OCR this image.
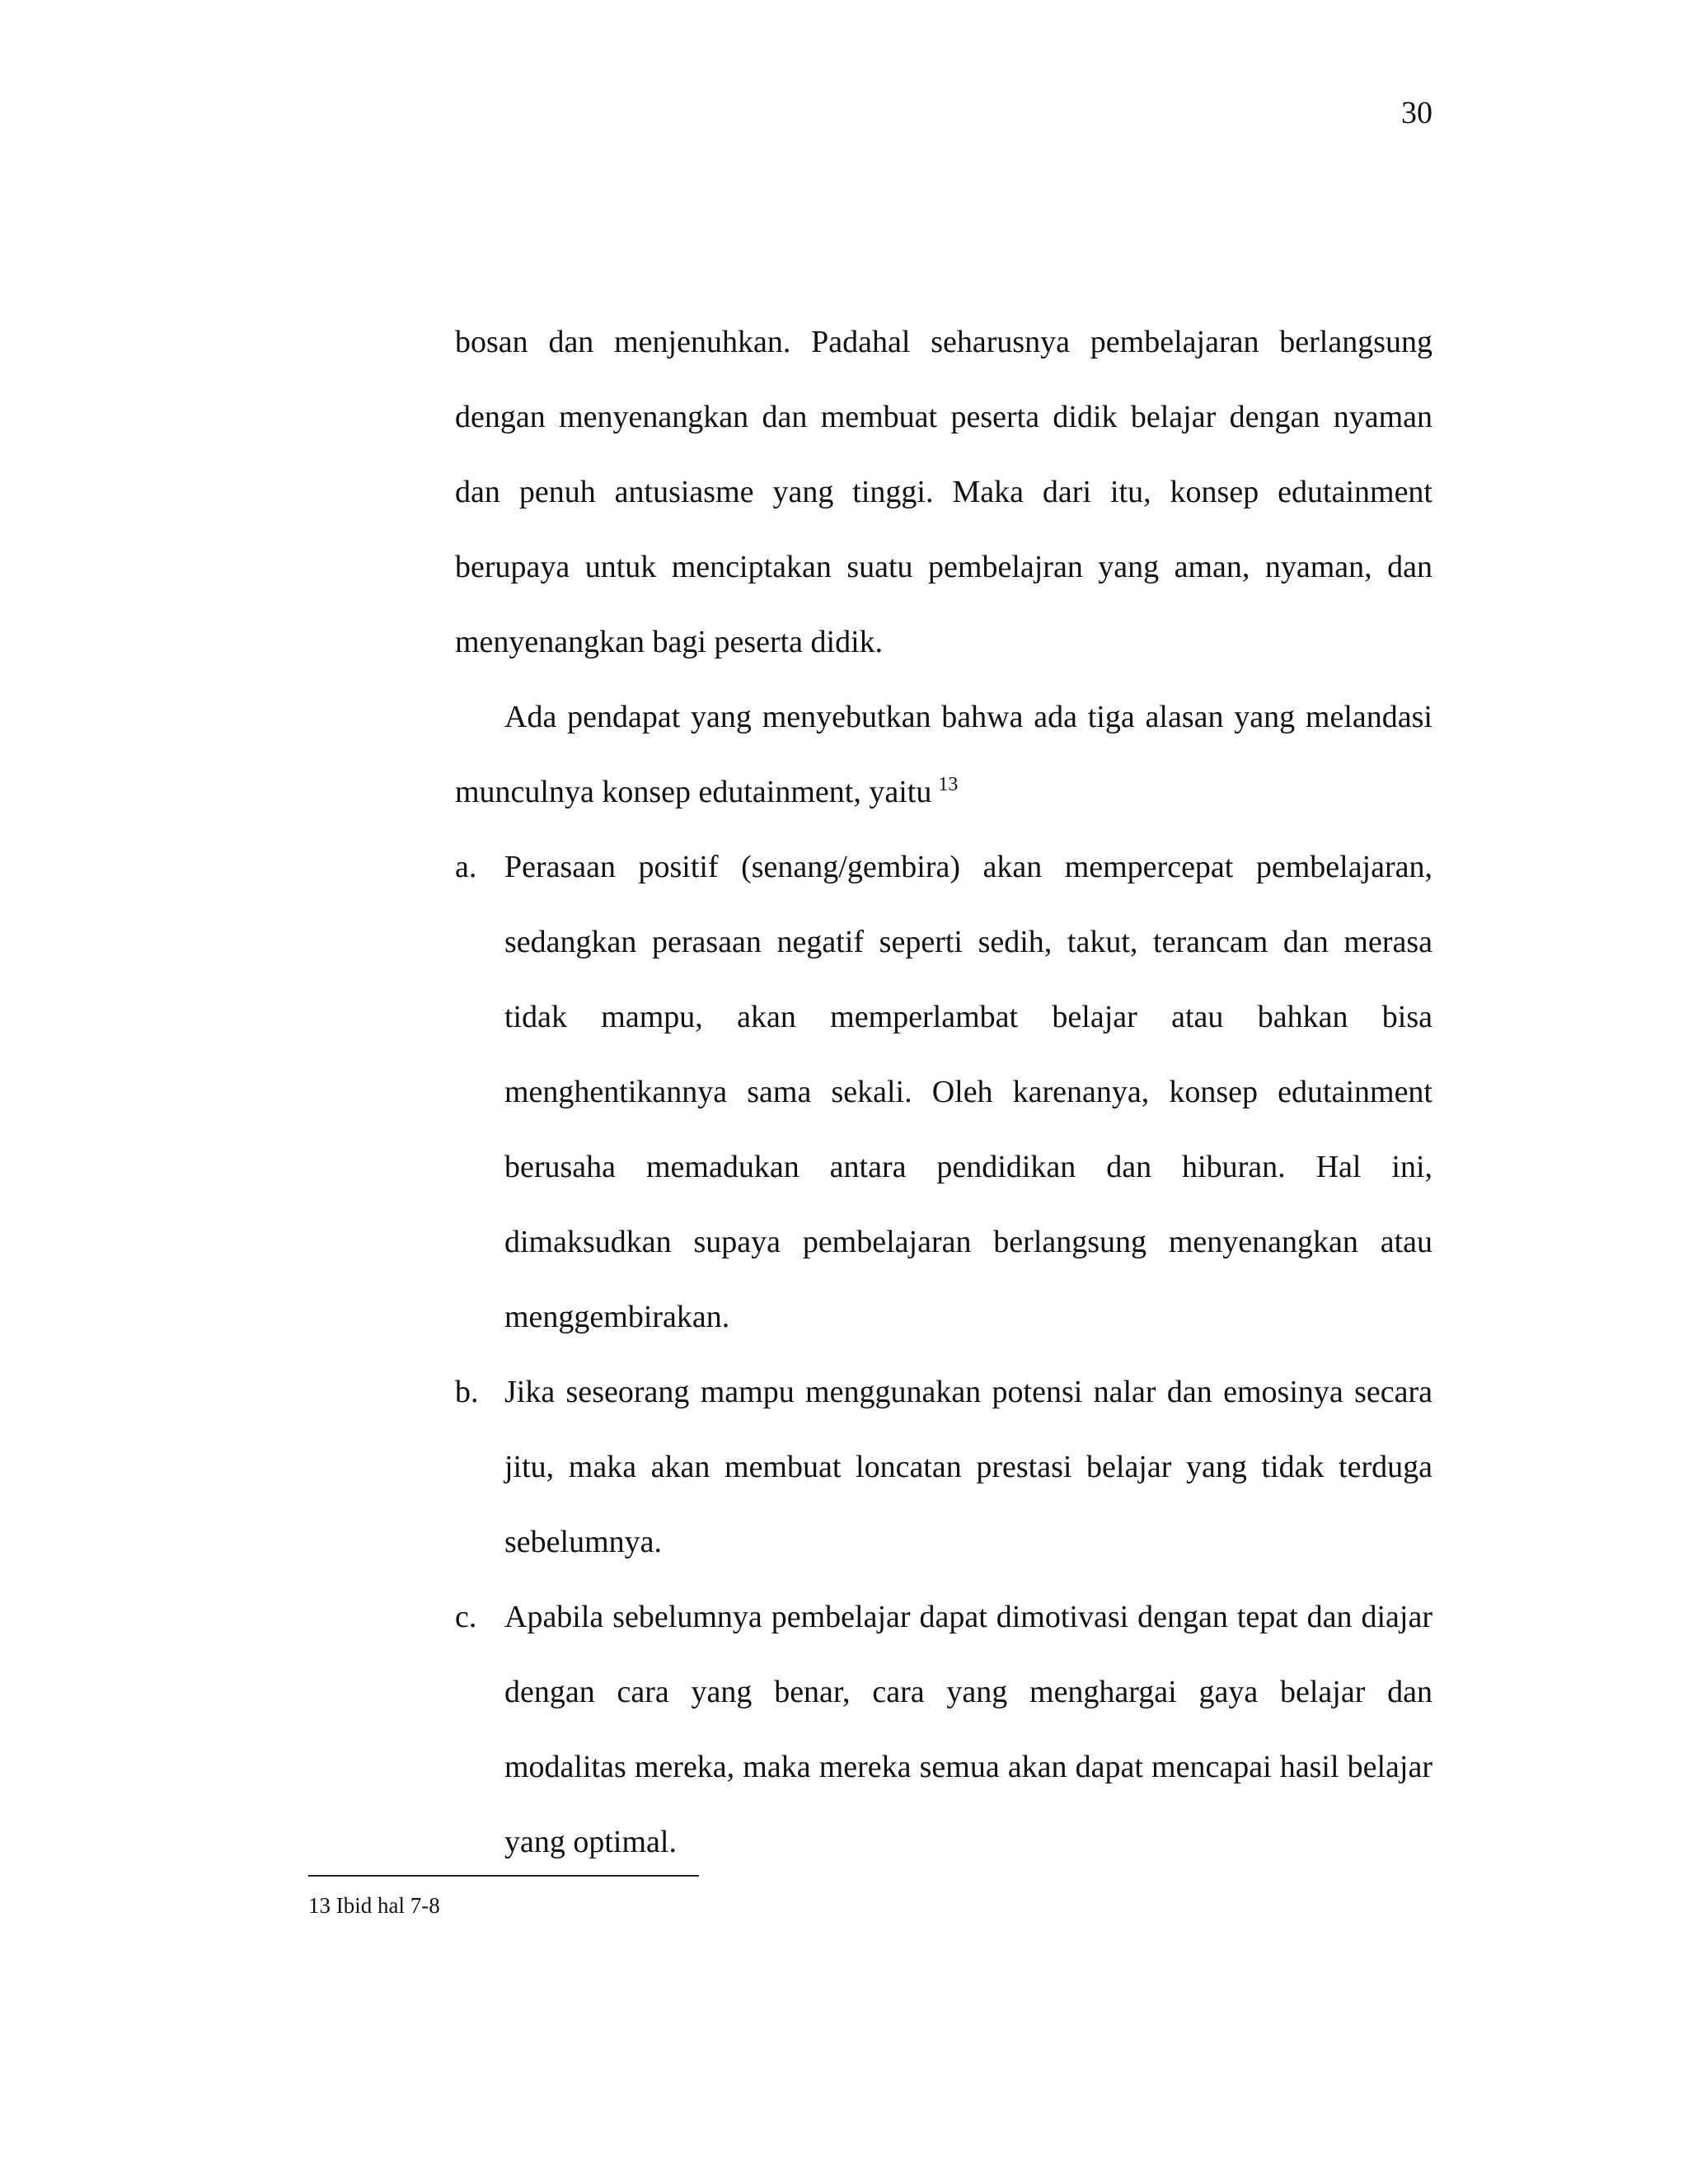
30

bosan dan menjenuhkan. Padahal seharusnya pembelajaran berlangsung dengan menyenangkan dan membuat peserta didik belajar dengan nyaman dan penuh antusiasme yang tinggi. Maka dari itu, konsep edutainment berupaya untuk menciptakan suatu pembelajran yang aman, nyaman, dan menyenangkan bagi peserta didik.

Ada pendapat yang menyebutkan bahwa ada tiga alasan yang melandasi munculnya konsep edutainment, yaitu $^{13}$

a. Perasaan positif (senang/gembira) akan mempercepat pembelajaran, sedangkan perasaan negatif seperti sedih, takut, terancam dan merasa tidak mampu, akan memperlambat belajar atau bahkan bisa menghentikannya sama sekali. Oleh karenanya, konsep edutainment berusaha memadukan antara pendidikan dan hiburan. Hal ini, dimaksudkan supaya pembelajaran berlangsung menyenangkan atau menggembirakan.
b. Jika seseorang mampu menggunakan potensi nalar dan emosinya secara jitu, maka akan membuat loncatan prestasi belajar yang tidak terduga sebelumnya.
c. Apabila sebelumnya pembelajar dapat dimotivasi dengan tepat dan diajar dengan cara yang benar, cara yang menghargai gaya belajar dan modalitas mereka, maka mereka semua akan dapat mencapai hasil belajar yang optimal.
13 Ibid hal 7-8
